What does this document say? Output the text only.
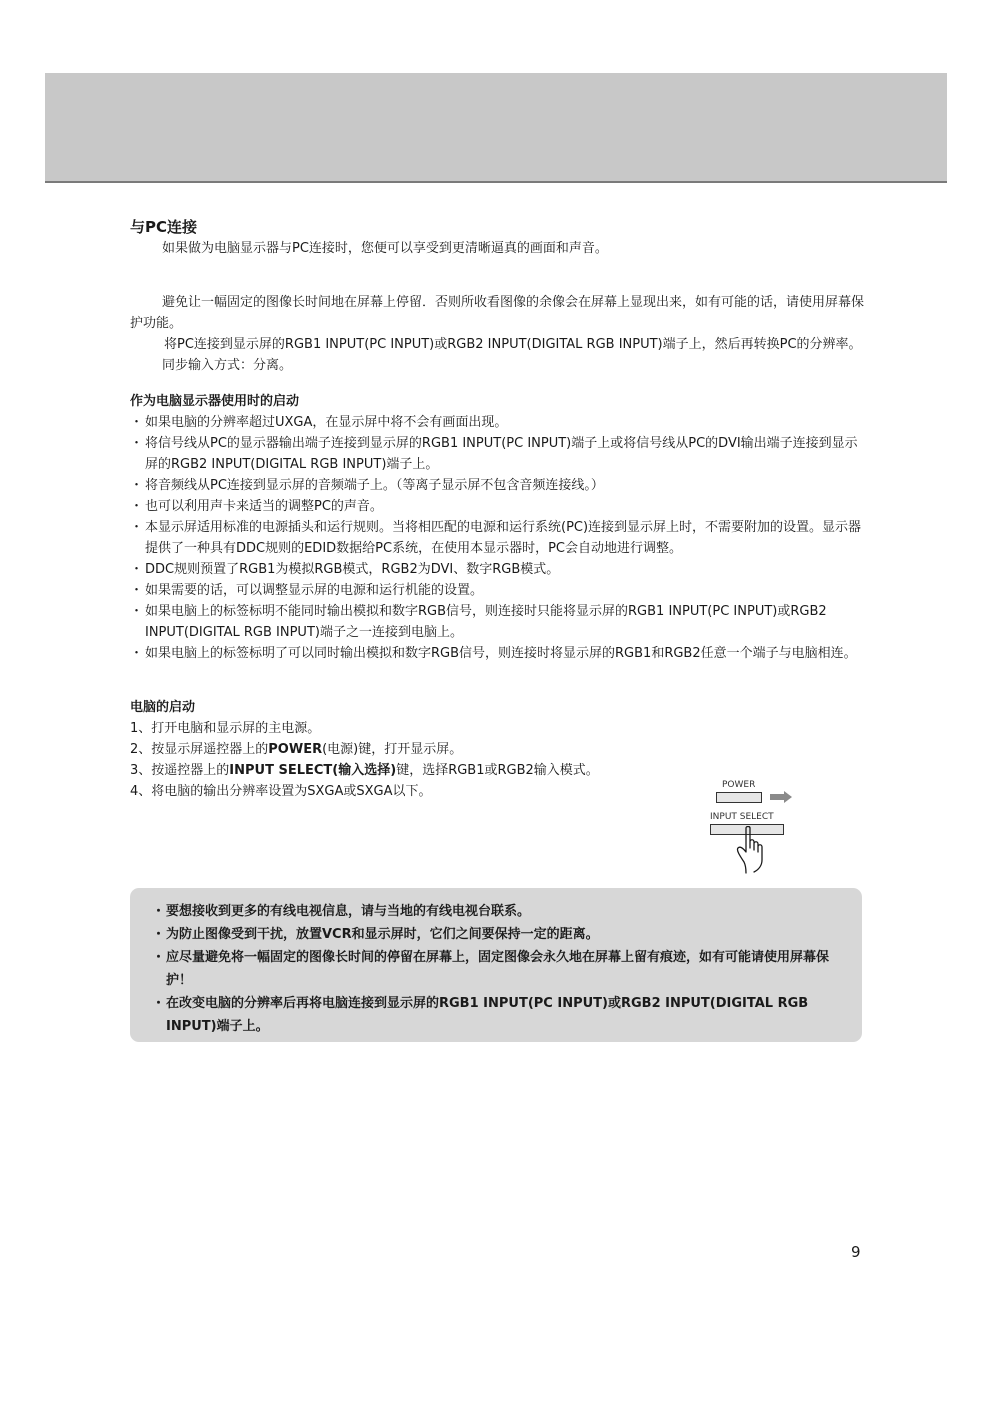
与PC连接

如果做为电脑显示器与PC连接时，您便可以享受到更清晰逼真的画面和声音。

避免让一幅固定的图像长时间地在屏幕上停留．否则所收看图像的余像会在屏幕上显现出来，如有可能的话，请使用屏幕保护功能。

将PC连接到显示屏的RGB1 INPUT(PC INPUT)或RGB2 INPUT(DIGITAL RGB INPUT)端子上，然后再转换PC的分辨率。

同步输入方式：分离。

作为电脑显示器使用时的启动

・ 如果电脑的分辨率超过UXGA，在显示屏中将不会有画面出现。
・ 将信号线从PC的显示器输出端子连接到显示屏的RGB1 INPUT(PC INPUT)端子上或将信号线从PC的DVI输出端子连接到显示屏的RGB2 INPUT(DIGITAL RGB INPUT)端子上。
・ 将音频线从PC连接到显示屏的音频端子上。（等离子显示屏不包含音频连接线。）
・ 也可以利用声卡来适当的调整PC的声音。
・ 本显示屏适用标准的电源插头和运行规则。当将相匹配的电源和运行系统(PC)连接到显示屏上时，不需要附加的设置。显示器提供了一种具有DDC规则的EDID数据给PC系统，在使用本显示器时，PC会自动地进行调整。
・ DDC规则预置了RGB1为模拟RGB模式，RGB2为DVI、数字RGB模式。
・ 如果需要的话，可以调整显示屏的电源和运行机能的设置。
・ 如果电脑上的标签标明不能同时输出模拟和数字RGB信号，则连接时只能将显示屏的RGB1 INPUT(PC INPUT)或RGB2 INPUT(DIGITAL RGB INPUT)端子之一连接到电脑上。
・ 如果电脑上的标签标明了可以同时输出模拟和数字RGB信号，则连接时将显示屏的RGB1和RGB2任意一个端子与电脑相连。

电脑的启动

1、打开电脑和显示屏的主电源。
2、按显示屏遥控器上的POWER(电源)键，打开显示屏。
3、按遥控器上的INPUT SELECT(输入选择)键，选择RGB1或RGB2输入模式。
4、将电脑的输出分辨率设置为SXGA或SXGA以下。	POWER
INPUT SELECT
・ 要想接收到更多的有线电视信息，请与当地的有线电视台联系。
・ 为防止图像受到干扰，放置VCR和显示屏时，它们之间要保持一定的距离。
・ 应尽量避免将一幅固定的图像长时间的停留在屏幕上，固定图像会永久地在屏幕上留有痕迹，如有可能请使用屏幕保护！
・ 在改变电脑的分辨率后再将电脑连接到显示屏的RGB1 INPUT(PC INPUT)或RGB2 INPUT(DIGITAL RGB INPUT)端子上。
9
